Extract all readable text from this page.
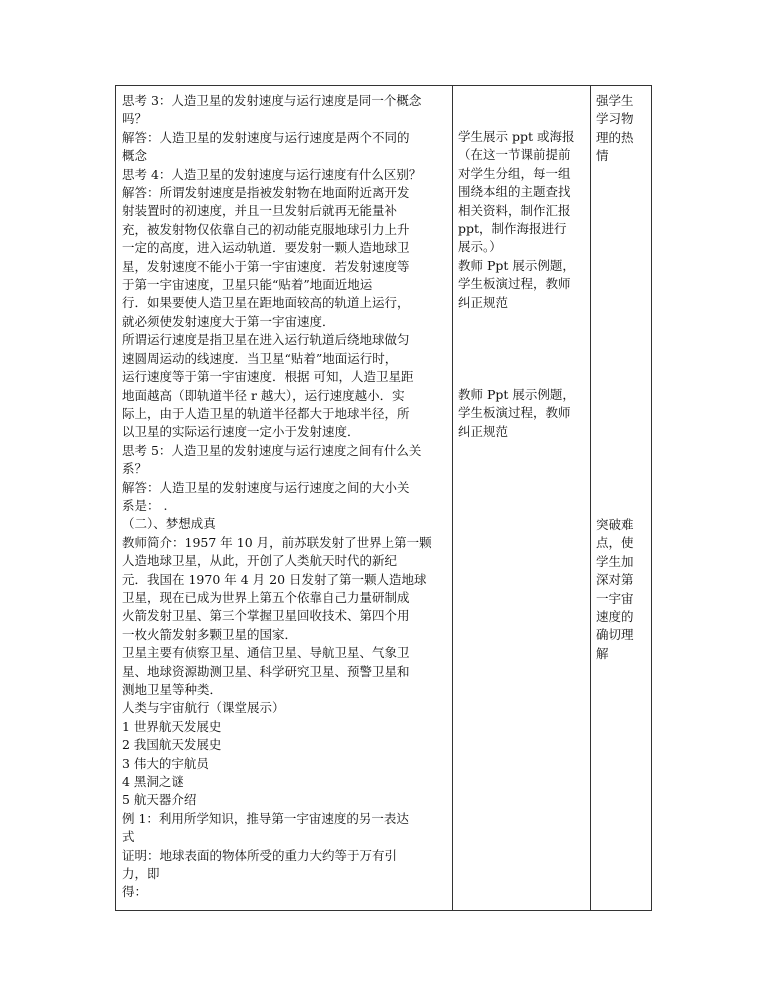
思考 3：人造卫星的发射速度与运行速度是同一个概念
吗？
解答：人造卫星的发射速度与运行速度是两个不同的
概念
思考 4：人造卫星的发射速度与运行速度有什么区别？
解答：所谓发射速度是指被发射物在地面附近离开发
射装置时的初速度，并且一旦发射后就再无能量补
充，被发射物仅依靠自己的初动能克服地球引力上升
一定的高度，进入运动轨道．要发射一颗人造地球卫
星，发射速度不能小于第一宇宙速度．若发射速度等
于第一宇宙速度，卫星只能“贴着”地面近地运
行．如果要使人造卫星在距地面较高的轨道上运行，
就必须使发射速度大于第一宇宙速度．
所谓运行速度是指卫星在进入运行轨道后绕地球做匀
速圆周运动的线速度．当卫星“贴着”地面运行时，
运行速度等于第一宇宙速度．根据 可知，人造卫星距
地面越高（即轨道半径 r 越大），运行速度越小．实
际上，由于人造卫星的轨道半径都大于地球半径，所
以卫星的实际运行速度一定小于发射速度．
思考 5：人造卫星的发射速度与运行速度之间有什么关
系？
解答：人造卫星的发射速度与运行速度之间的大小关
系是： .
（二）、梦想成真
教师简介：1957 年 10 月，前苏联发射了世界上第一颗
人造地球卫星，从此，开创了人类航天时代的新纪
元．我国在 1970 年 4 月 20 日发射了第一颗人造地球
卫星，现在已成为世界上第五个依靠自己力量研制成
火箭发射卫星、第三个掌握卫星回收技术、第四个用
一枚火箭发射多颗卫星的国家．
卫星主要有侦察卫星、通信卫星、导航卫星、气象卫
星、地球资源勘测卫星、科学研究卫星、预警卫星和
测地卫星等种类．
人类与宇宙航行（课堂展示）
1 世界航天发展史
2 我国航天发展史
3 伟大的宇航员
4 黑洞之谜
5 航天器介绍
例 1：利用所学知识，推导第一宇宙速度的另一表达
式
证明：地球表面的物体所受的重力大约等于万有引
力，即
得：
学生展示 ppt 或海报
（在这一节课前提前
对学生分组，每一组
围绕本组的主题查找
相关资料，制作汇报
ppt，制作海报进行
展示。）
教师 Ppt 展示例题，
学生板演过程，教师
纠正规范
教师 Ppt 展示例题，
学生板演过程，教师
纠正规范
强学生
学习物
理的热
情
突破难
点，使
学生加
深对第
一宇宙
速度的
确切理
解
